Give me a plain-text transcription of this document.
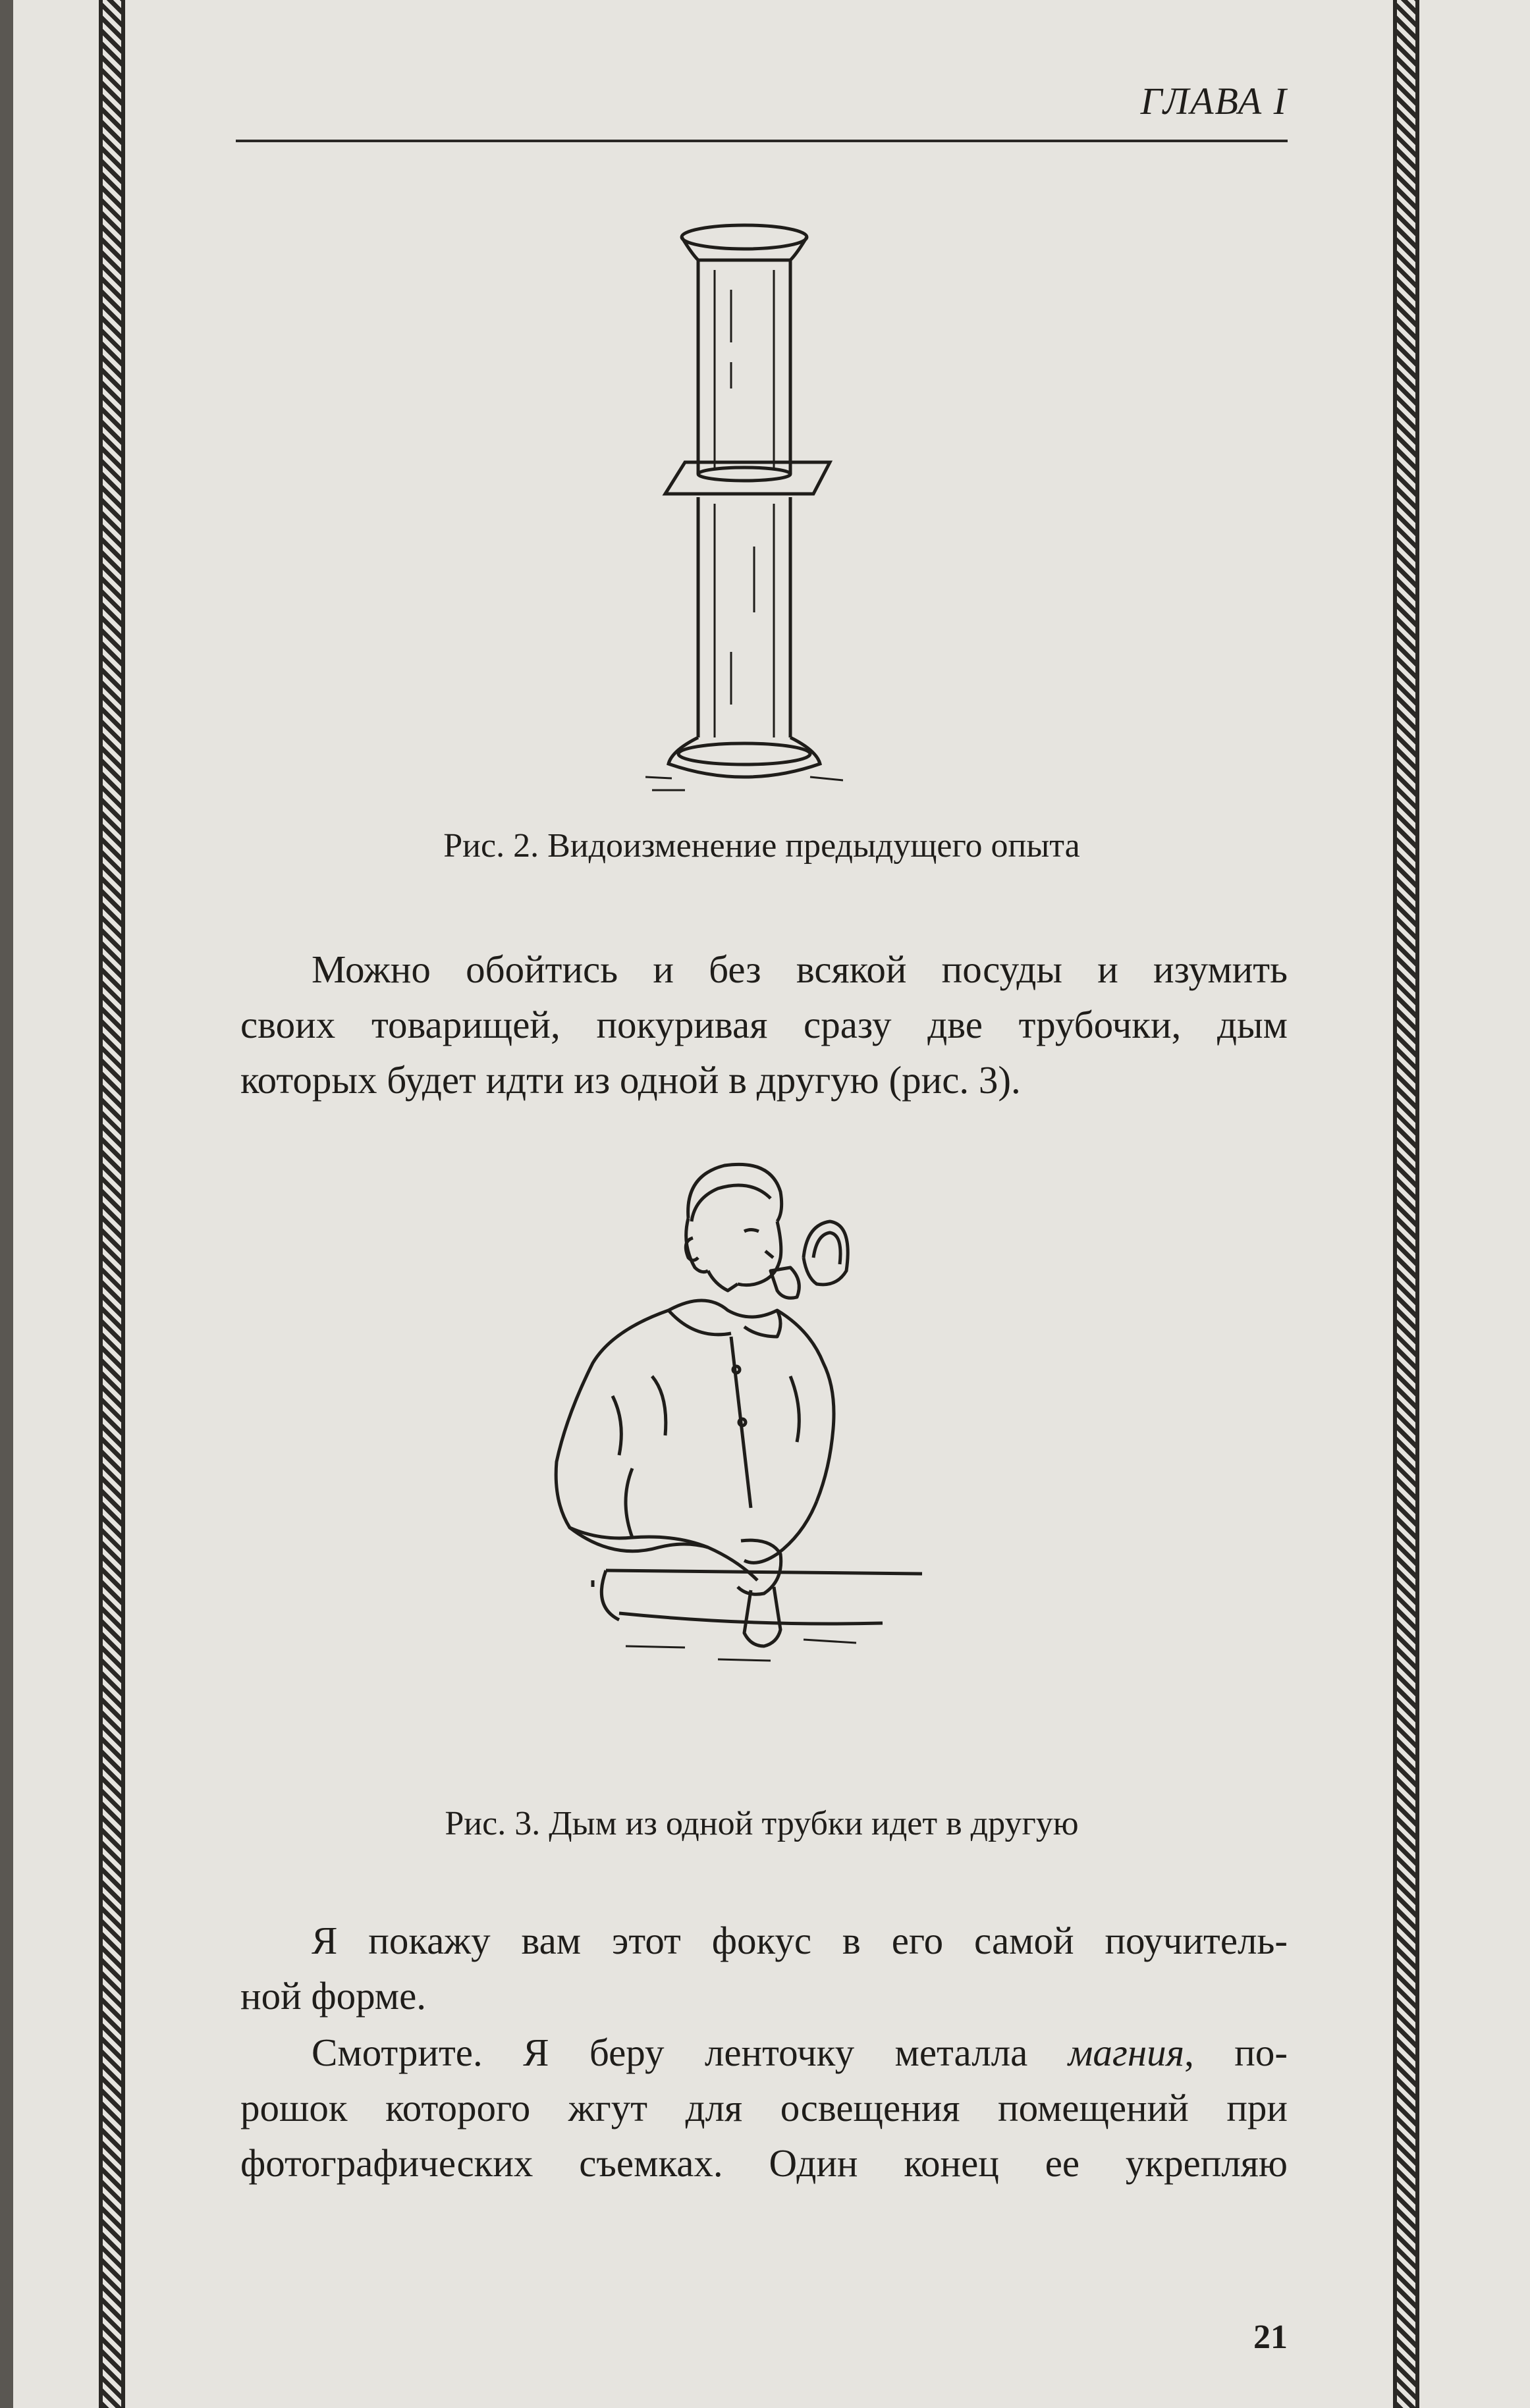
ГЛАВА I
Рис. 2. Видоизменение предыдущего опыта
Можно обойтись и без всякой посуды и изумить
своих товарищей, покуривая сразу две трубочки, дым
которых будет идти из одной в другую (рис. 3).
Рис. 3. Дым из одной трубки идет в другую
Я покажу вам этот фокус в его самой поучитель-
ной форме.
Смотрите. Я беру ленточку металла магния, по-
рошок которого жгут для освещения помещений при
фотографических съемках. Один конец ее укрепляю
21
